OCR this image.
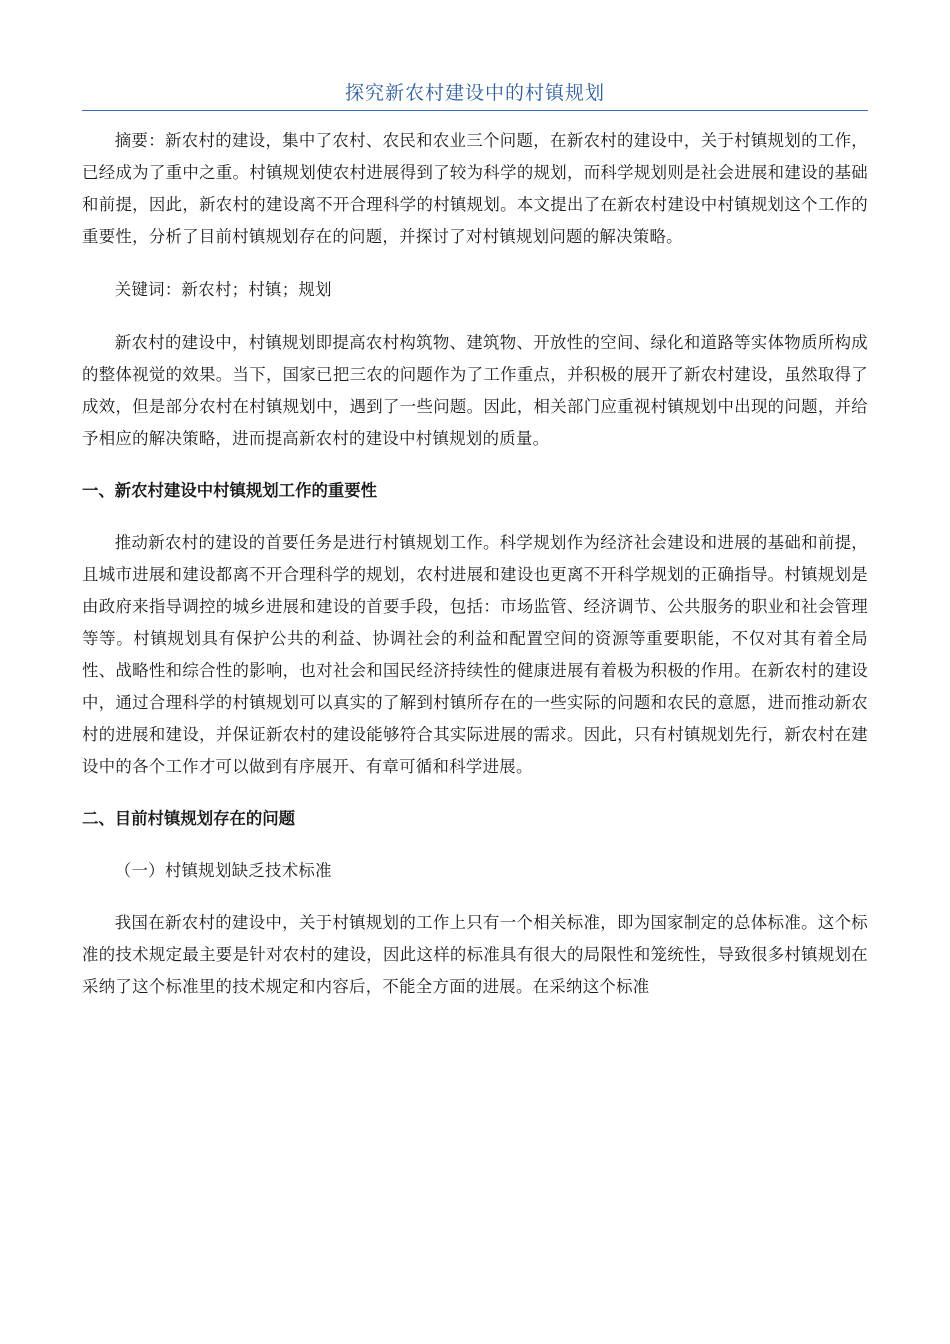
探究新农村建设中的村镇规划

摘要：新农村的建设，集中了农村、农民和农业三个问题，在新农村的建设中，关于村镇规划的工作，已经成为了重中之重。村镇规划使农村进展得到了较为科学的规划，而科学规划则是社会进展和建设的基础和前提，因此，新农村的建设离不开合理科学的村镇规划。本文提出了在新农村建设中村镇规划这个工作的重要性，分析了目前村镇规划存在的问题，并探讨了对村镇规划问题的解决策略。

关键词：新农村；村镇；规划

新农村的建设中，村镇规划即提高农村构筑物、建筑物、开放性的空间、绿化和道路等实体物质所构成的整体视觉的效果。当下，国家已把三农的问题作为了工作重点，并积极的展开了新农村建设，虽然取得了成效，但是部分农村在村镇规划中，遇到了一些问题。因此，相关部门应重视村镇规划中出现的问题，并给予相应的解决策略，进而提高新农村的建设中村镇规划的质量。

一、新农村建设中村镇规划工作的重要性

推动新农村的建设的首要任务是进行村镇规划工作。科学规划作为经济社会建设和进展的基础和前提，且城市进展和建设都离不开合理科学的规划，农村进展和建设也更离不开科学规划的正确指导。村镇规划是由政府来指导调控的城乡进展和建设的首要手段，包括：市场监管、经济调节、公共服务的职业和社会管理等等。村镇规划具有保护公共的利益、协调社会的利益和配置空间的资源等重要职能，不仅对其有着全局性、战略性和综合性的影响，也对社会和国民经济持续性的健康进展有着极为积极的作用。在新农村的建设中，通过合理科学的村镇规划可以真实的了解到村镇所存在的一些实际的问题和农民的意愿，进而推动新农村的进展和建设，并保证新农村的建设能够符合其实际进展的需求。因此，只有村镇规划先行，新农村在建设中的各个工作才可以做到有序展开、有章可循和科学进展。

二、目前村镇规划存在的问题

（一）村镇规划缺乏技术标准

我国在新农村的建设中，关于村镇规划的工作上只有一个相关标准，即为国家制定的总体标准。这个标准的技术规定最主要是针对农村的建设，因此这样的标准具有很大的局限性和笼统性，导致很多村镇规划在采纳了这个标准里的技术规定和内容后，不能全方面的进展。在采纳这个标准
